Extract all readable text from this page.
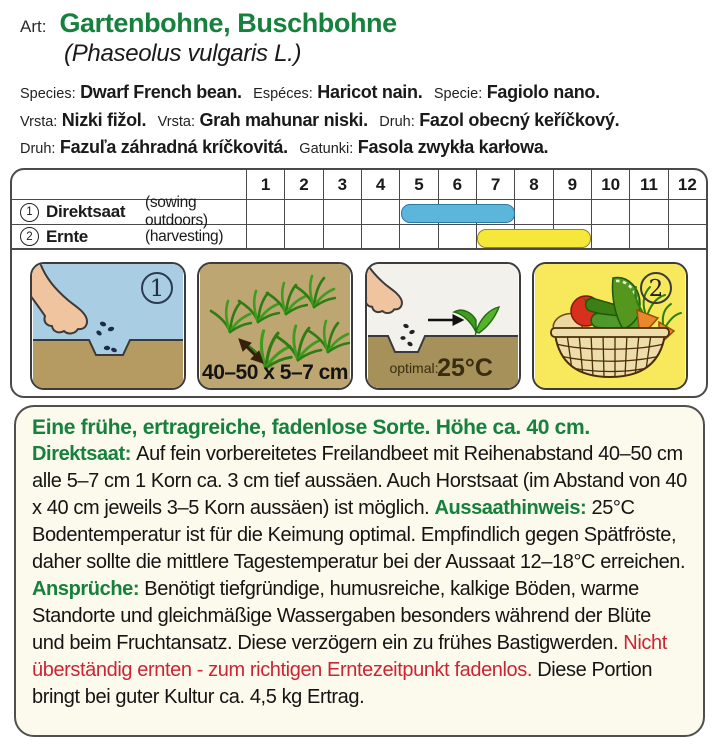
Art: Gartenbohne, Buschbohne
(Phaseolus vulgaris L.)
Species: Dwarf French bean. Espéces: Haricot nain. Specie: Fagiolo nano.
Vrsta: Nizki fižol. Vrsta: Grah mahunar niski. Druh: Fazol obecný keříčkový.
Druh: Fazuľa záhradná kríčkovitá. Gatunki: Fasola zwykła karłowa.
1	2	3	4	5	6	7	8	9	10	11	12
1 Direktsaat	(sowing outdoors)
2 Ernte	(harvesting)
1
40–50 x 5–7 cm	optimal:
25°C
2

Eine frühe, ertragreiche, fadenlose Sorte. Höhe ca. 40 cm.

Direktsaat: Auf fein vorbereitetes Freilandbeet mit Reihenabstand 40–50 cm alle 5–7 cm 1 Korn ca. 3 cm tief aussäen. Auch Horstsaat (im Abstand von 40 x 40 cm jeweils 3–5 Korn aussäen) ist möglich. Aussaathinweis: 25°C Bodentemperatur ist für die Keimung optimal. Empfindlich gegen Spätfröste, daher sollte die mittlere Tagestemperatur bei der Aussaat 12–18°C erreichen. Ansprüche: Benötigt tiefgründige, humusreiche, kalkige Böden, warme Standorte und gleichmäßige Wassergaben besonders während der Blüte und beim Fruchtansatz. Diese verzögern ein zu frühes Bastigwerden. Nicht überständig ernten - zum richtigen Erntezeitpunkt fadenlos. Diese Portion bringt bei guter Kultur ca. 4,5 kg Ertrag.
